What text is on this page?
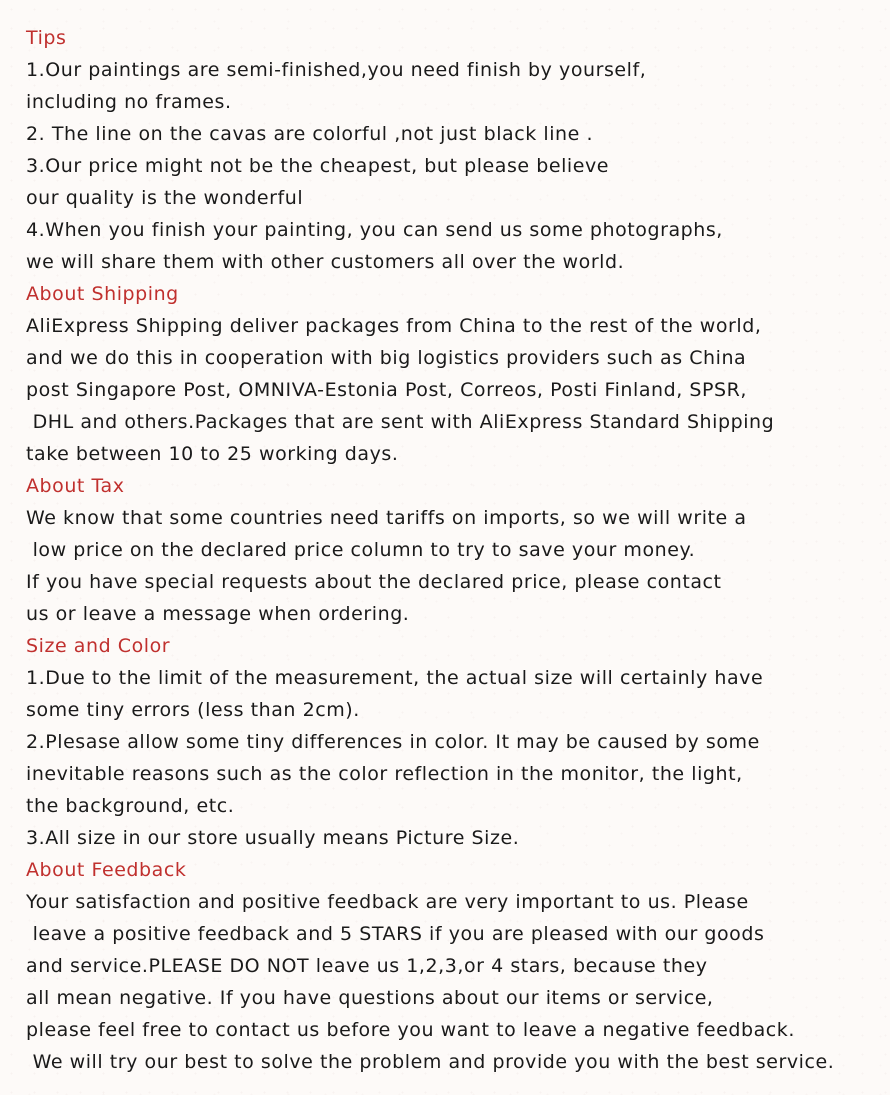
Tips
1.Our paintings are semi-finished,you need finish by yourself,
including no frames.
2. The line on the cavas are colorful ,not just black line .
3.Our price might not be the cheapest, but please believe
our quality is the wonderful
4.When you finish your painting, you can send us some photographs,
we will share them with other customers all over the world.
About Shipping
AliExpress Shipping deliver packages from China to the rest of the world,
and we do this in cooperation with big logistics providers such as China
post Singapore Post, OMNIVA-Estonia Post, Correos, Posti Finland, SPSR,
DHL and others.Packages that are sent with AliExpress Standard Shipping
take between 10 to 25 working days.
About Tax
We know that some countries need tariffs on imports, so we will write a
low price on the declared price column to try to save your money.
If you have special requests about the declared price, please contact
us or leave a message when ordering.
Size and Color
1.Due to the limit of the measurement, the actual size will certainly have
some tiny errors (less than 2cm).
2.Plesase allow some tiny differences in color. It may be caused by some
inevitable reasons such as the color reflection in the monitor, the light,
the background, etc.
3.All size in our store usually means Picture Size.
About Feedback
Your satisfaction and positive feedback are very important to us. Please
leave a positive feedback and 5 STARS if you are pleased with our goods
and service.PLEASE DO NOT leave us 1,2,3,or 4 stars, because they
all mean negative. If you have questions about our items or service,
please feel free to contact us before you want to leave a negative feedback.
We will try our best to solve the problem and provide you with the best service.
